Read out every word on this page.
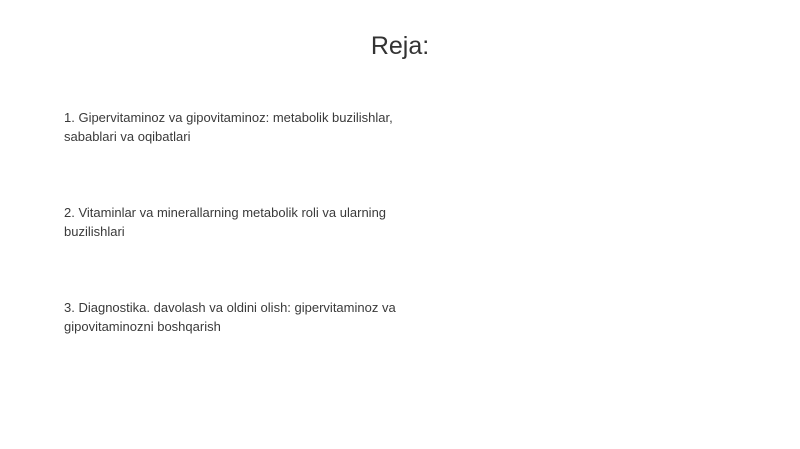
Reja:
1. Gipervitaminoz va gipovitaminoz: metabolik buzilishlar, sabablari va oqibatlari
2. Vitaminlar va minerallarning metabolik roli va ularning buzilishlari
3. Diagnostika. davolash va oldini olish: gipervitaminoz va gipovitaminozni boshqarish
